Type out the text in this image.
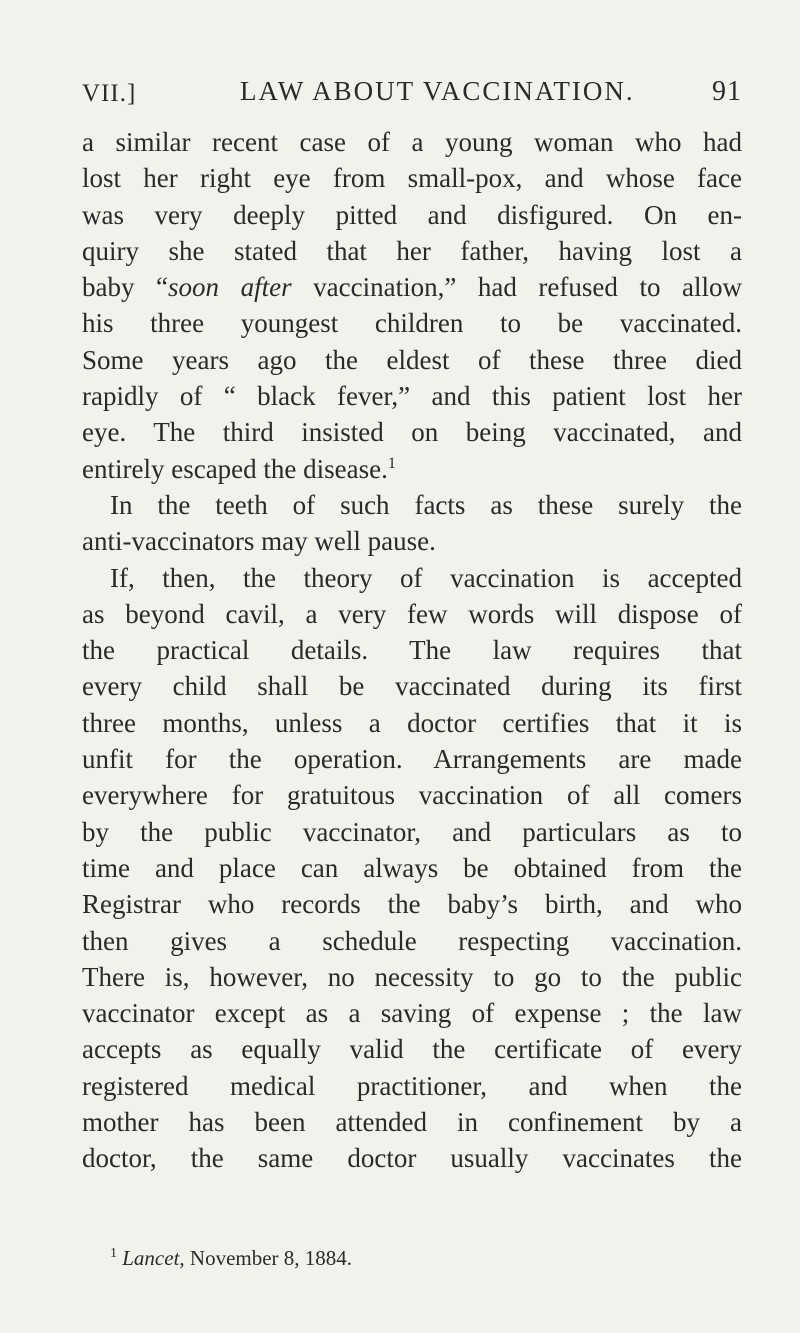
VII.]	LAW ABOUT VACCINATION.	91
a similar recent case of a young woman who had
lost her right eye from small-pox, and whose face
was very deeply pitted and disfigured. On en-
quiry she stated that her father, having lost a
baby “soon after vaccination,” had refused to allow
his three youngest children to be vaccinated.
Some years ago the eldest of these three died
rapidly of “ black fever,” and this patient lost her
eye. The third insisted on being vaccinated, and
entirely escaped the disease.$^1$
In the teeth of such facts as these surely the
anti-vaccinators may well pause.
If, then, the theory of vaccination is accepted
as beyond cavil, a very few words will dispose of
the practical details. The law requires that
every child shall be vaccinated during its first
three months, unless a doctor certifies that it is
unfit for the operation. Arrangements are made
everywhere for gratuitous vaccination of all comers
by the public vaccinator, and particulars as to
time and place can always be obtained from the
Registrar who records the baby’s birth, and who
then gives a schedule respecting vaccination.
There is, however, no necessity to go to the public
vaccinator except as a saving of expense ; the law
accepts as equally valid the certificate of every
registered medical practitioner, and when the
mother has been attended in confinement by a
doctor, the same doctor usually vaccinates the
$^1$ Lancet, November 8, 1884.
